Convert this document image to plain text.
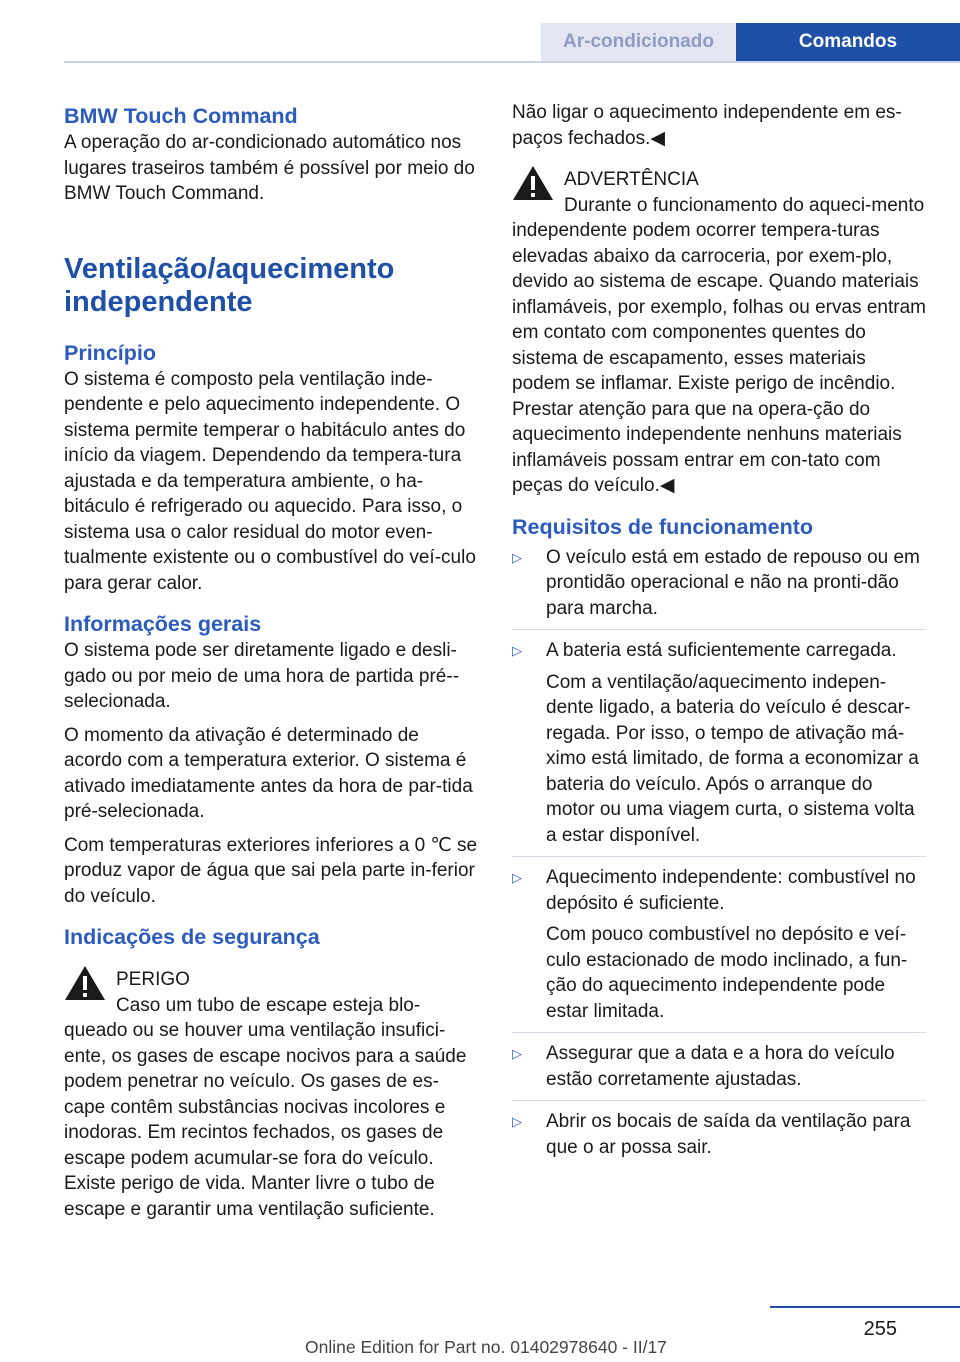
Ar-condicionado	Comandos
BMW Touch Command

A operação do ar-condicionado automático nos lugares traseiros também é possível por meio do BMW Touch Command.

Ventilação/aquecimento independente
Princípio

O sistema é composto pela ventilação inde‐pendente e pelo aquecimento independente. O sistema permite temperar o habitáculo antes do início da viagem. Dependendo da tempera‐tura ajustada e da temperatura ambiente, o ha‐bitáculo é refrigerado ou aquecido. Para isso, o sistema usa o calor residual do motor even‐tualmente existente ou o combustível do veí‐culo para gerar calor.

Informações gerais

O sistema pode ser diretamente ligado e desli‐gado ou por meio de uma hora de partida pré‐-selecionada.

O momento da ativação é determinado de acordo com a temperatura exterior. O sistema é ativado imediatamente antes da hora de par‐tida pré-selecionada.

Com temperaturas exteriores inferiores a 0 ℃ se produz vapor de água que sai pela parte in‐ferior do veículo.

Indicações de segurança

PERIGO

Caso um tubo de escape esteja blo‐queado ou se houver uma ventilação insufici‐ente, os gases de escape nocivos para a saúde podem penetrar no veículo. Os gases de es‐cape contêm substâncias nocivas incolores e inodoras. Em recintos fechados, os gases de escape podem acumular-se fora do veículo. Existe perigo de vida. Manter livre o tubo de escape e garantir uma ventilação suficiente.

Não ligar o aquecimento independente em es‐paços fechados.◀

ADVERTÊNCIA

Durante o funcionamento do aqueci‐mento independente podem ocorrer tempera‐turas elevadas abaixo da carroceria, por exem‐plo, devido ao sistema de escape. Quando materiais inflamáveis, por exemplo, folhas ou ervas entram em contato com componentes quentes do sistema de escapamento, esses materiais podem se inflamar. Existe perigo de incêndio. Prestar atenção para que na opera‐ção do aquecimento independente nenhuns materiais inflamáveis possam entrar em con‐tato com peças do veículo.◀

Requisitos de funcionamento
▷ O veículo está em estado de repouso ou em prontidão operacional e não na pronti‐dão para marcha.

▷ A bateria está suficientemente carregada.

Com a ventilação/aquecimento indepen‐dente ligado, a bateria do veículo é descar‐regada. Por isso, o tempo de ativação má‐ximo está limitado, de forma a economizar a bateria do veículo. Após o arranque do motor ou uma viagem curta, o sistema volta a estar disponível.

▷ Aquecimento independente: combustível no depósito é suficiente.

Com pouco combustível no depósito e veí‐culo estacionado de modo inclinado, a fun‐ção do aquecimento independente pode estar limitada.

▷ Assegurar que a data e a hora do veículo estão corretamente ajustadas.

▷ Abrir os bocais de saída da ventilação para que o ar possa sair.

255
Online Edition for Part no. 01402978640 - II/17
